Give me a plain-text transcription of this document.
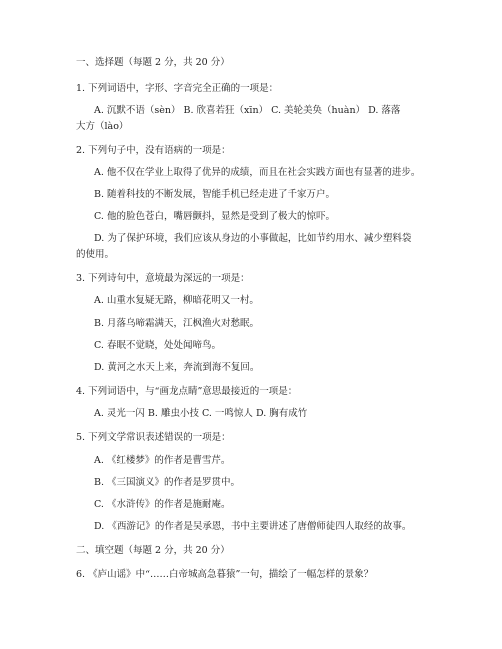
一、选择题（每题 2 分，共 20 分）
1. 下列词语中，字形、字音完全正确的一项是：
A. 沉默不语（sèn） B. 欣喜若狂（xīn） C. 美轮美奂（huàn） D. 落落
大方（lào）
2. 下列句子中，没有语病的一项是：
A. 他不仅在学业上取得了优异的成绩，而且在社会实践方面也有显著的进步。
B. 随着科技的不断发展，智能手机已经走进了千家万户。
C. 他的脸色苍白，嘴唇颤抖，显然是受到了极大的惊吓。
D. 为了保护环境，我们应该从身边的小事做起，比如节约用水、减少塑料袋
的使用。
3. 下列诗句中，意境最为深远的一项是：
A. 山重水复疑无路，柳暗花明又一村。
B. 月落乌啼霜满天，江枫渔火对愁眠。
C. 春眠不觉晓，处处闻啼鸟。
D. 黄河之水天上来，奔流到海不复回。
4. 下列词语中，与“画龙点睛”意思最接近的一项是：
A. 灵光一闪 B. 雕虫小技 C. 一鸣惊人 D. 胸有成竹
5. 下列文学常识表述错误的一项是：
A. 《红楼梦》的作者是曹雪芹。
B. 《三国演义》的作者是罗贯中。
C. 《水浒传》的作者是施耐庵。
D. 《西游记》的作者是吴承恩，书中主要讲述了唐僧师徒四人取经的故事。
二、填空题（每题 2 分，共 20 分）
6. 《庐山谣》中“……白帝城高急暮猿”一句，描绘了一幅怎样的景象？
